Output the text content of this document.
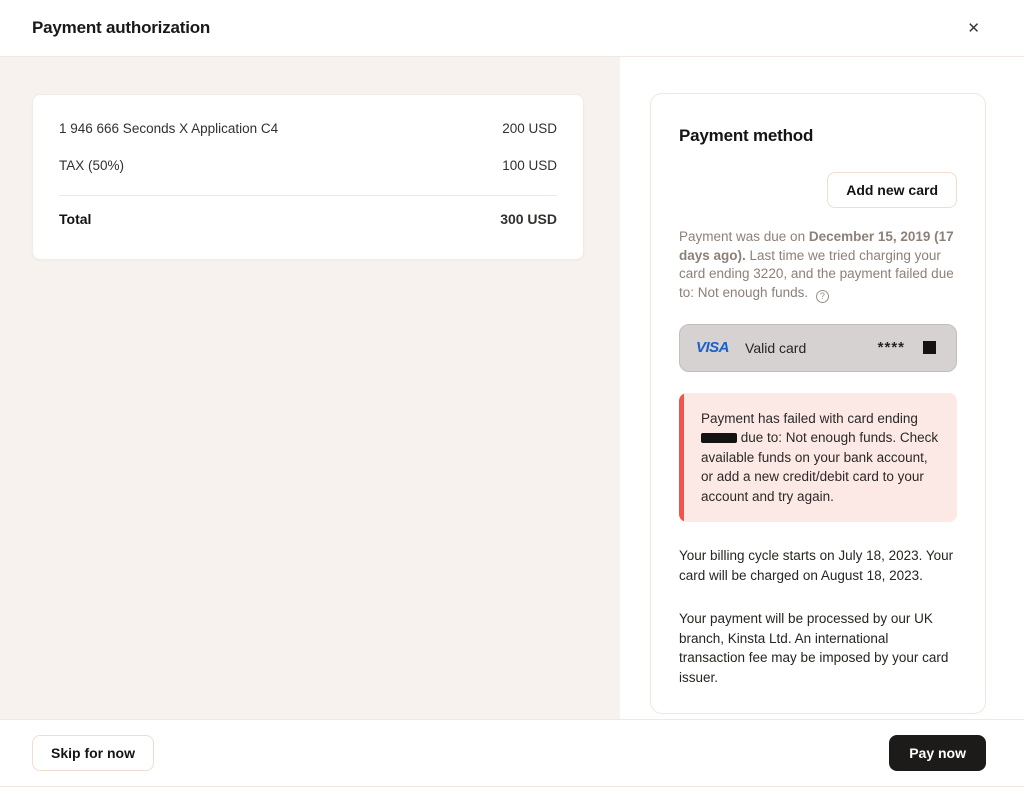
Payment authorization	✕
1 946 666 Seconds X Application C4	200 USD
TAX (50%)	100 USD
Total	300 USD
Payment method
Add new card

Payment was due on December 15, 2019 (17 days ago). Last time we tried charging your card ending 3220, and the payment failed due to: Not enough funds. ?

VISA Valid card	****
Payment has failed with card ending  due to: Not enough funds. Check available funds on your bank account, or add a new credit/debit card to your account and try again.

Your billing cycle starts on July 18, 2023. Your card will be charged on August 18, 2023.

Your payment will be processed by our UK branch, Kinsta Ltd. An international transaction fee may be imposed by your card issuer.

Skip for now	Pay now
